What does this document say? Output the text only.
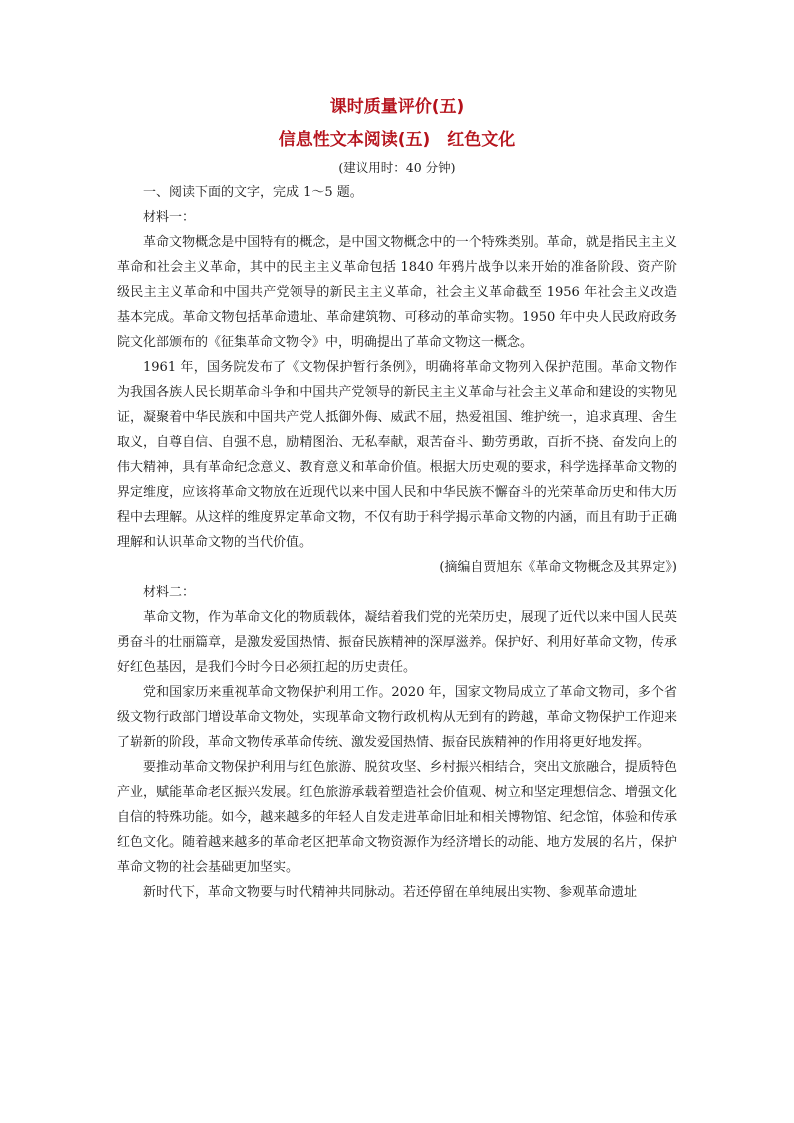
课时质量评价(五)
信息性文本阅读(五)　红色文化
(建议用时：40 分钟)

一、阅读下面的文字，完成 1～5 题。

材料一：

革命文物概念是中国特有的概念，是中国文物概念中的一个特殊类别。革命，就是指民主主义革命和社会主义革命，其中的民主主义革命包括 1840 年鸦片战争以来开始的准备阶段、资产阶级民主主义革命和中国共产党领导的新民主主义革命，社会主义革命截至 1956 年社会主义改造基本完成。革命文物包括革命遗址、革命建筑物、可移动的革命实物。1950 年中央人民政府政务院文化部颁布的《征集革命文物令》中，明确提出了革命文物这一概念。

1961 年，国务院发布了《文物保护暂行条例》，明确将革命文物列入保护范围。革命文物作为我国各族人民长期革命斗争和中国共产党领导的新民主主义革命与社会主义革命和建设的实物见证，凝聚着中华民族和中国共产党人抵御外侮、威武不屈，热爱祖国、维护统一，追求真理、舍生取义，自尊自信、自强不息，励精图治、无私奉献，艰苦奋斗、勤劳勇敢，百折不挠、奋发向上的伟大精神，具有革命纪念意义、教育意义和革命价值。根据大历史观的要求，科学选择革命文物的界定维度，应该将革命文物放在近现代以来中国人民和中华民族不懈奋斗的光荣革命历史和伟大历程中去理解。从这样的维度界定革命文物，不仅有助于科学揭示革命文物的内涵，而且有助于正确理解和认识革命文物的当代价值。

(摘编自贾旭东《革命文物概念及其界定》)

材料二：

革命文物，作为革命文化的物质载体，凝结着我们党的光荣历史，展现了近代以来中国人民英勇奋斗的壮丽篇章，是激发爱国热情、振奋民族精神的深厚滋养。保护好、利用好革命文物，传承好红色基因，是我们今时今日必须扛起的历史责任。

党和国家历来重视革命文物保护利用工作。2020 年，国家文物局成立了革命文物司，多个省级文物行政部门增设革命文物处，实现革命文物行政机构从无到有的跨越，革命文物保护工作迎来了崭新的阶段，革命文物传承革命传统、激发爱国热情、振奋民族精神的作用将更好地发挥。

要推动革命文物保护利用与红色旅游、脱贫攻坚、乡村振兴相结合，突出文旅融合，提质特色产业，赋能革命老区振兴发展。红色旅游承载着塑造社会价值观、树立和坚定理想信念、增强文化自信的特殊功能。如今，越来越多的年轻人自发走进革命旧址和相关博物馆、纪念馆，体验和传承红色文化。随着越来越多的革命老区把革命文物资源作为经济增长的动能、地方发展的名片，保护革命文物的社会基础更加坚实。

新时代下，革命文物要与时代精神共同脉动。若还停留在单纯展出实物、参观革命遗址
